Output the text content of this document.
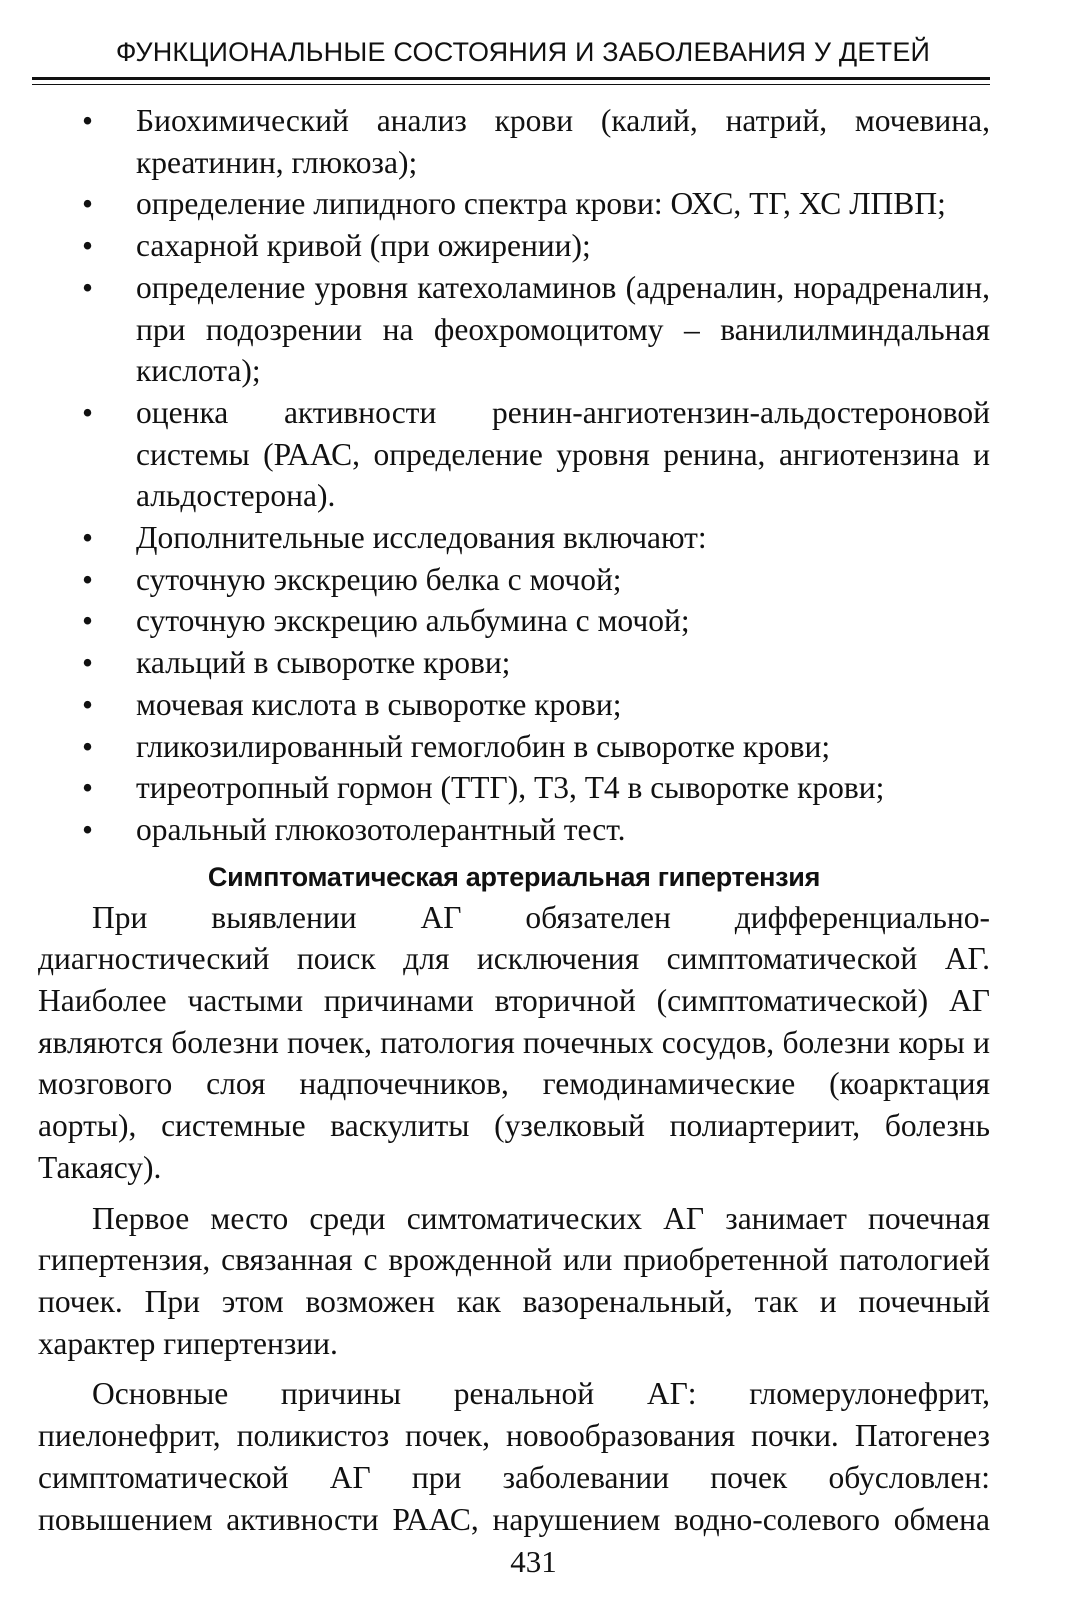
ФУНКЦИОНАЛЬНЫЕ СОСТОЯНИЯ И ЗАБОЛЕВАНИЯ У ДЕТЕЙ
• Биохимический анализ крови (калий, натрий, мочевина, креатинин, глюкоза);
• определение липидного спектра крови: ОХС, ТГ, ХС ЛПВП;
• сахарной кривой (при ожирении);
• определение уровня катехоламинов (адреналин, норадреналин, при подозрении на феохромоцитому – ванилилминдальная кислота);
• оценка активности ренин-ангиотензин-альдостероновой системы (РААС, определение уровня ренина, ангиотензина и альдостерона).
• Дополнительные исследования включают:
• суточную экскрецию белка с мочой;
• суточную экскрецию альбумина с мочой;
• кальций в сыворотке крови;
• мочевая кислота в сыворотке крови;
• гликозилированный гемоглобин в сыворотке крови;
• тиреотропный гормон (ТТГ), Т3, Т4 в сыворотке крови;
• оральный глюкозотолерантный тест.
Симптоматическая артериальная гипертензия

При выявлении АГ обязателен дифференциально-диагностический поиск для исключения симптоматической АГ. Наиболее частыми причинами вторичной (симптоматической) АГ являются болезни почек, патология почечных сосудов, болезни коры и мозгового слоя надпочечников, гемодинамические (коарктация аорты), системные васкулиты (узелковый полиартериит, болезнь Такаясу).

Первое место среди симтоматических АГ занимает почечная гипертензия, связанная с врожденной или приобретенной патологией почек. При этом возможен как вазоренальный, так и почечный характер гипертензии.

Основные причины ренальной АГ: гломерулонефрит, пиелонефрит, поликистоз почек, новообразования почки. Патогенез симптоматической АГ при заболевании почек обусловлен: повышением активности РААС, нарушением водно-солевого обмена

431
